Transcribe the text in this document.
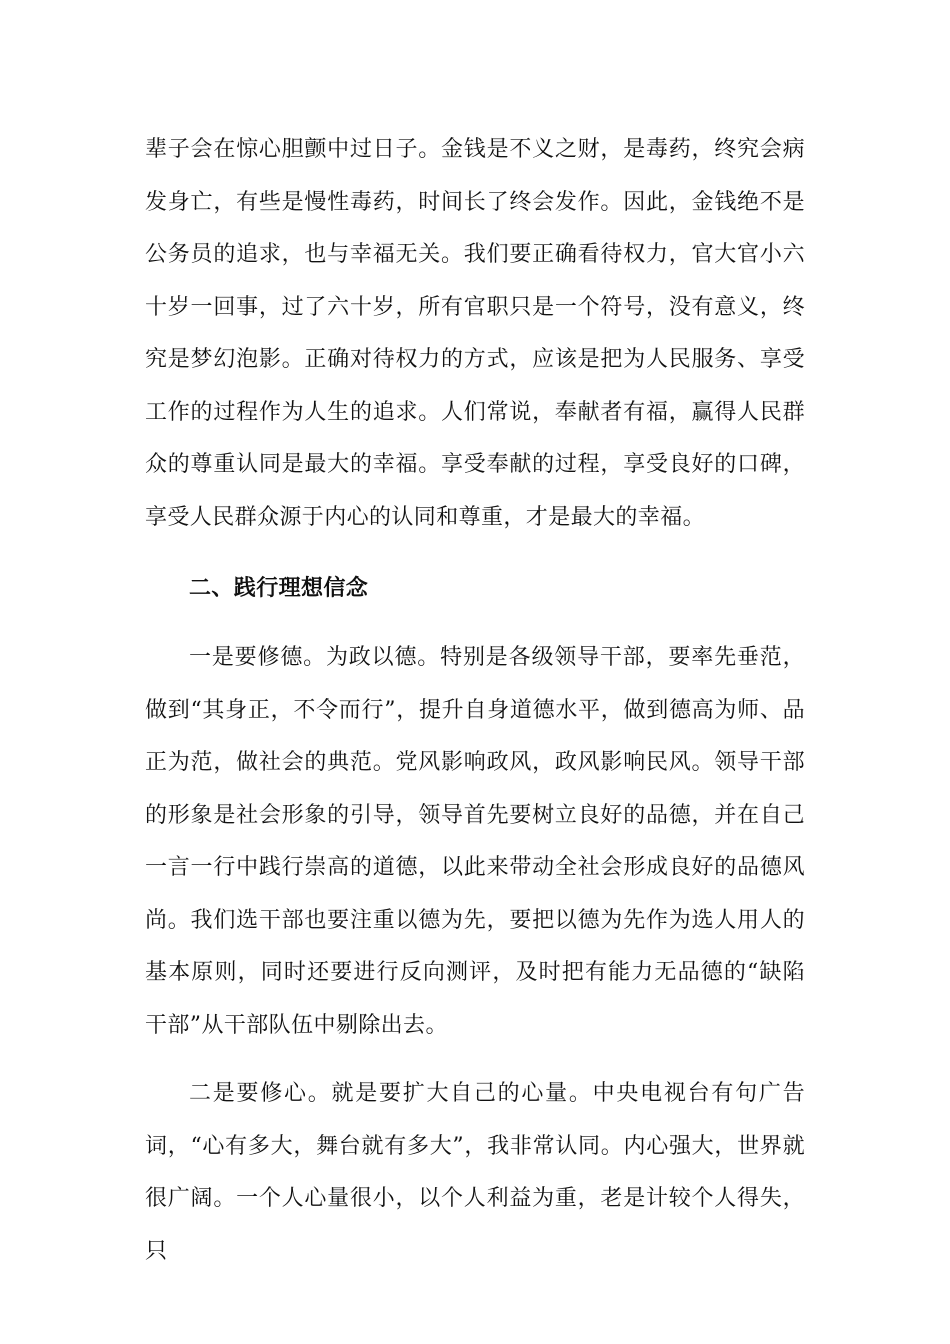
辈子会在惊心胆颤中过日子。金钱是不义之财，是毒药，终究会病发身亡，有些是慢性毒药，时间长了终会发作。因此，金钱绝不是公务员的追求，也与幸福无关。我们要正确看待权力，官大官小六十岁一回事，过了六十岁，所有官职只是一个符号，没有意义，终究是梦幻泡影。正确对待权力的方式，应该是把为人民服务、享受工作的过程作为人生的追求。人们常说，奉献者有福，赢得人民群众的尊重认同是最大的幸福。享受奉献的过程，享受良好的口碑，享受人民群众源于内心的认同和尊重，才是最大的幸福。

二、践行理想信念

一是要修德。为政以德。特别是各级领导干部，要率先垂范，做到“其身正，不令而行”，提升自身道德水平，做到德高为师、品正为范，做社会的典范。党风影响政风，政风影响民风。领导干部的形象是社会形象的引导，领导首先要树立良好的品德，并在自己一言一行中践行崇高的道德，以此来带动全社会形成良好的品德风尚。我们选干部也要注重以德为先，要把以德为先作为选人用人的基本原则，同时还要进行反向测评，及时把有能力无品德的“缺陷干部”从干部队伍中剔除出去。

二是要修心。就是要扩大自己的心量。中央电视台有句广告词，“心有多大，舞台就有多大”，我非常认同。内心强大，世界就很广阔。一个人心量很小，以个人利益为重，老是计较个人得失，只
